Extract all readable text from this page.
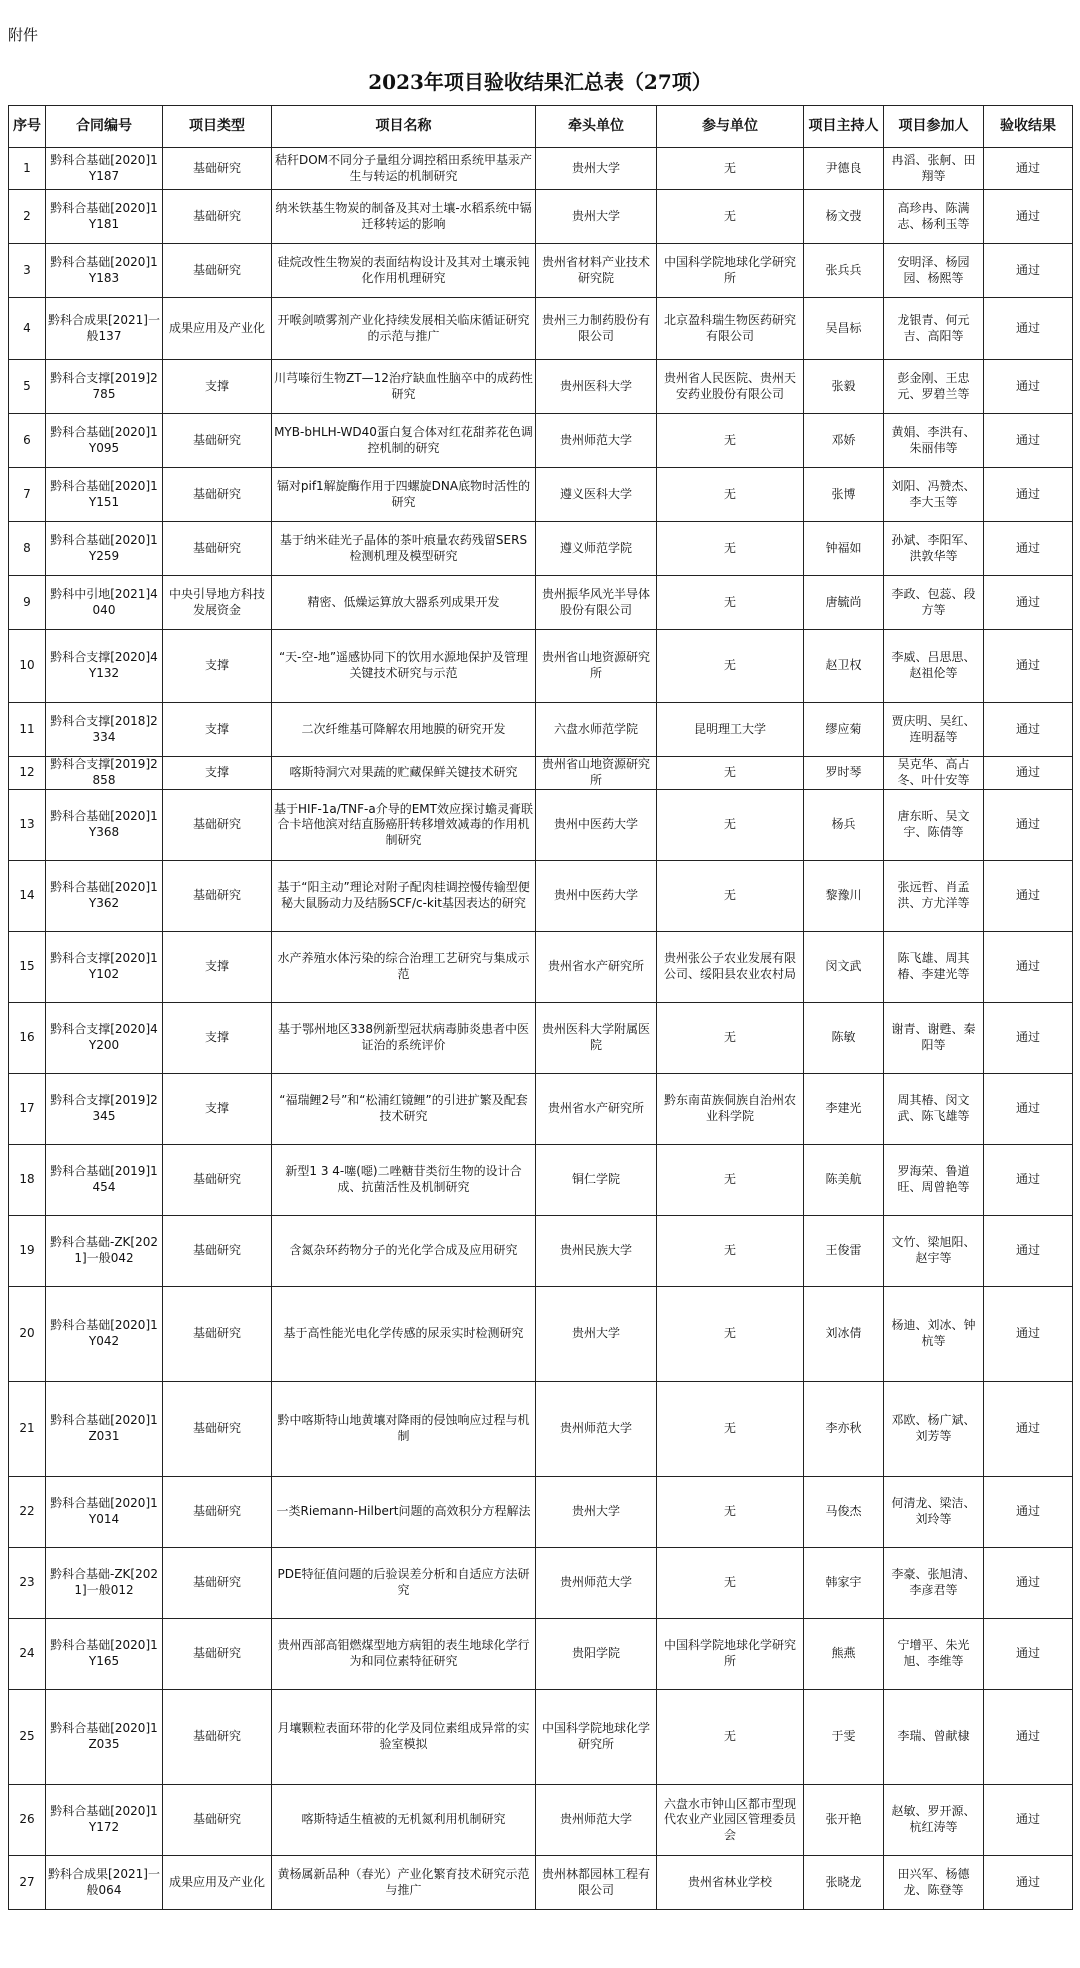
附件
2023年项目验收结果汇总表（27项）
序号	合同编号	项目类型	项目名称	牵头单位	参与单位	项目主持人	项目参加人	验收结果
1	黔科合基础[2020]1Y187	基础研究	秸秆DOM不同分子量组分调控稻田系统甲基汞产生与转运的机制研究	贵州大学	无	尹德良	冉滔、张舸、田翔等	通过
2	黔科合基础[2020]1Y181	基础研究	纳米铁基生物炭的制备及其对土壤-水稻系统中镉迁移转运的影响	贵州大学	无	杨文弢	高珍冉、陈满志、杨利玉等	通过
3	黔科合基础[2020]1Y183	基础研究	硅烷改性生物炭的表面结构设计及其对土壤汞钝化作用机理研究	贵州省材料产业技术研究院	中国科学院地球化学研究所	张兵兵	安明泽、杨园园、杨熙等	通过
4	黔科合成果[2021]一般137	成果应用及产业化	开喉剑喷雾剂产业化持续发展相关临床循证研究的示范与推广	贵州三力制药股份有限公司	北京盈科瑞生物医药研究有限公司	吴昌标	龙银青、何元吉、高阳等	通过
5	黔科合支撑[2019]2785	支撑	川芎嗪衍生物ZT—12治疗缺血性脑卒中的成药性研究	贵州医科大学	贵州省人民医院、贵州天安药业股份有限公司	张毅	彭金刚、王忠元、罗碧兰等	通过
6	黔科合基础[2020]1Y095	基础研究	MYB-bHLH-WD40蛋白复合体对红花甜荞花色调控机制的研究	贵州师范大学	无	邓娇	黄娟、李洪有、朱丽伟等	通过
7	黔科合基础[2020]1Y151	基础研究	镉对pif1解旋酶作用于四螺旋DNA底物时活性的研究	遵义医科大学	无	张博	刘阳、冯赞杰、李大玉等	通过
8	黔科合基础[2020]1Y259	基础研究	基于纳米硅光子晶体的茶叶痕量农药残留SERS检测机理及模型研究	遵义师范学院	无	钟福如	孙斌、李阳军、洪敦华等	通过
9	黔科中引地[2021]4040	中央引导地方科技发展资金	精密、低燥运算放大器系列成果开发	贵州振华风光半导体股份有限公司	无	唐毓尚	李政、包蕊、段方等	通过
10	黔科合支撑[2020]4Y132	支撑	“天-空-地”遥感协同下的饮用水源地保护及管理关键技术研究与示范	贵州省山地资源研究所	无	赵卫权	李威、吕思思、赵祖伦等	通过
11	黔科合支撑[2018]2334	支撑	二次纤维基可降解农用地膜的研究开发	六盘水师范学院	昆明理工大学	缪应菊	贾庆明、吴红、连明磊等	通过
12	黔科合支撑[2019]2858	支撑	喀斯特洞穴对果蔬的贮藏保鲜关键技术研究	贵州省山地资源研究所	无	罗时琴	吴克华、高占冬、叶什安等	通过
13	黔科合基础[2020]1Y368	基础研究	基于HIF-1a/TNF-a介导的EMT效应探讨蟾灵膏联合卡培他滨对结直肠癌肝转移增效减毒的作用机制研究	贵州中医药大学	无	杨兵	唐东昕、吴文宇、陈倩等	通过
14	黔科合基础[2020]1Y362	基础研究	基于“阳主动”理论对附子配肉桂调控慢传输型便秘大鼠肠动力及结肠SCF/c-kit基因表达的研究	贵州中医药大学	无	黎豫川	张远哲、肖孟洪、方尤洋等	通过
15	黔科合支撑[2020]1Y102	支撑	水产养殖水体污染的综合治理工艺研究与集成示范	贵州省水产研究所	贵州张公子农业发展有限公司、绥阳县农业农村局	闵文武	陈飞雄、周其椿、李建光等	通过
16	黔科合支撑[2020]4Y200	支撑	基于鄂州地区338例新型冠状病毒肺炎患者中医证治的系统评价	贵州医科大学附属医院	无	陈敏	谢青、谢甦、秦阳等	通过
17	黔科合支撑[2019]2345	支撑	“福瑞鲤2号”和“松浦红镜鲤”的引进扩繁及配套技术研究	贵州省水产研究所	黔东南苗族侗族自治州农业科学院	李建光	周其椿、闵文武、陈飞雄等	通过
18	黔科合基础[2019]1454	基础研究	新型1 3 4-噻(噁)二唑糖苷类衍生物的设计合成、抗菌活性及机制研究	铜仁学院	无	陈美航	罗海荣、鲁道旺、周曾艳等	通过
19	黔科合基础-ZK[2021]一般042	基础研究	含氮杂环药物分子的光化学合成及应用研究	贵州民族大学	无	王俊雷	文竹、梁旭阳、赵宇等	通过
20	黔科合基础[2020]1Y042	基础研究	基于高性能光电化学传感的尿汞实时检测研究	贵州大学	无	刘冰倩	杨迪、刘冰、钟杭等	通过
21	黔科合基础[2020]1Z031	基础研究	黔中喀斯特山地黄壤对降雨的侵蚀响应过程与机制	贵州师范大学	无	李亦秋	邓欧、杨广斌、刘芳等	通过
22	黔科合基础[2020]1Y014	基础研究	一类Riemann-Hilbert问题的高效积分方程解法	贵州大学	无	马俊杰	何清龙、梁洁、刘玲等	通过
23	黔科合基础-ZK[2021]一般012	基础研究	PDE特征值问题的后验误差分析和自适应方法研究	贵州师范大学	无	韩家宇	李豪、张旭清、李彦君等	通过
24	黔科合基础[2020]1Y165	基础研究	贵州西部高钼燃煤型地方病钼的表生地球化学行为和同位素特征研究	贵阳学院	中国科学院地球化学研究所	熊燕	宁增平、朱光旭、李维等	通过
25	黔科合基础[2020]1Z035	基础研究	月壤颗粒表面环带的化学及同位素组成异常的实验室模拟	中国科学院地球化学研究所	无	于雯	李瑞、曾献棣	通过
26	黔科合基础[2020]1Y172	基础研究	喀斯特适生植被的无机氮利用机制研究	贵州师范大学	六盘水市钟山区都市型现代农业产业园区管理委员会	张开艳	赵敏、罗开源、杭红涛等	通过
27	黔科合成果[2021]一般064	成果应用及产业化	黄杨属新品种（春光）产业化繁育技术研究示范与推广	贵州林都园林工程有限公司	贵州省林业学校	张晓龙	田兴军、杨德龙、陈登等	通过
